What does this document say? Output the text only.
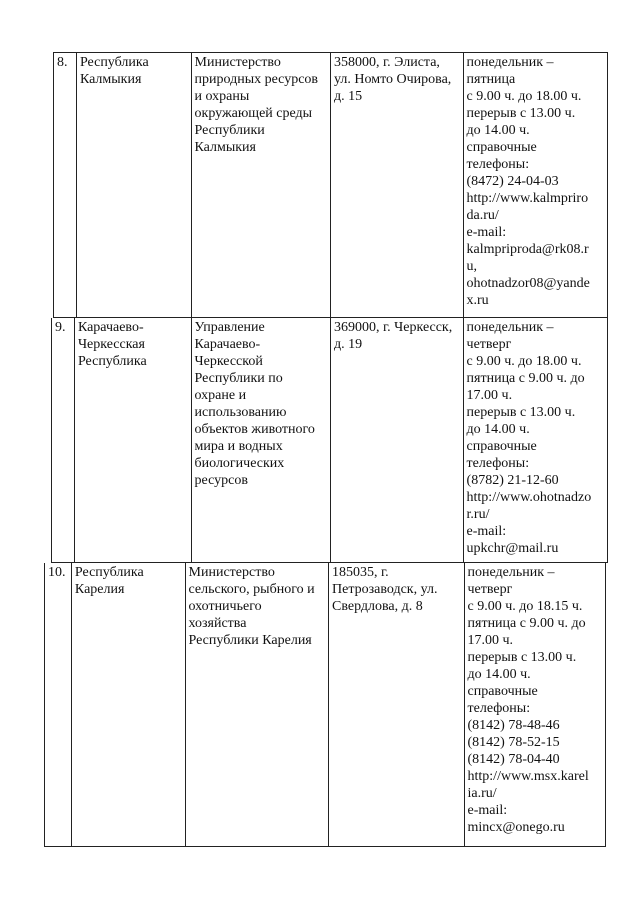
8. Республика
Калмыкия
Министерство
природных ресурсов
и охраны
окружающей среды
Республики
Калмыкия
358000, г. Элиста,
ул. Номто Очирова,
д. 15
понедельник –
пятница
с 9.00 ч. до 18.00 ч.
перерыв с 13.00 ч.
до 14.00 ч.
справочные
телефоны:
(8472) 24-04-03
http://www.kalmpriro
da.ru/
e-mail:
kalmpriproda@rk08.r
u,
ohotnadzor08@yande
x.ru
9. Карачаево-
Черкесская
Республика
Управление
Карачаево-
Черкесской
Республики по
охране и
использованию
объектов животного
мира и водных
биологических
ресурсов
369000, г. Черкесск,
д. 19
понедельник –
четверг
с 9.00 ч. до 18.00 ч.
пятница с 9.00 ч. до
17.00 ч.
перерыв с 13.00 ч.
до 14.00 ч.
справочные
телефоны:
(8782) 21-12-60
http://www.ohotnadzo
r.ru/
e-mail:
upkchr@mail.ru
10. Республика
Карелия
Министерство
сельского, рыбного и
охотничьего
хозяйства
Республики Карелия
185035, г.
Петрозаводск, ул.
Свердлова, д. 8
понедельник –
четверг
с 9.00 ч. до 18.15 ч.
пятница с 9.00 ч. до
17.00 ч.
перерыв с 13.00 ч.
до 14.00 ч.
справочные
телефоны:
(8142) 78-48-46
(8142) 78-52-15
(8142) 78-04-40
http://www.msx.karel
ia.ru/
e-mail:
mincx@onego.ru
